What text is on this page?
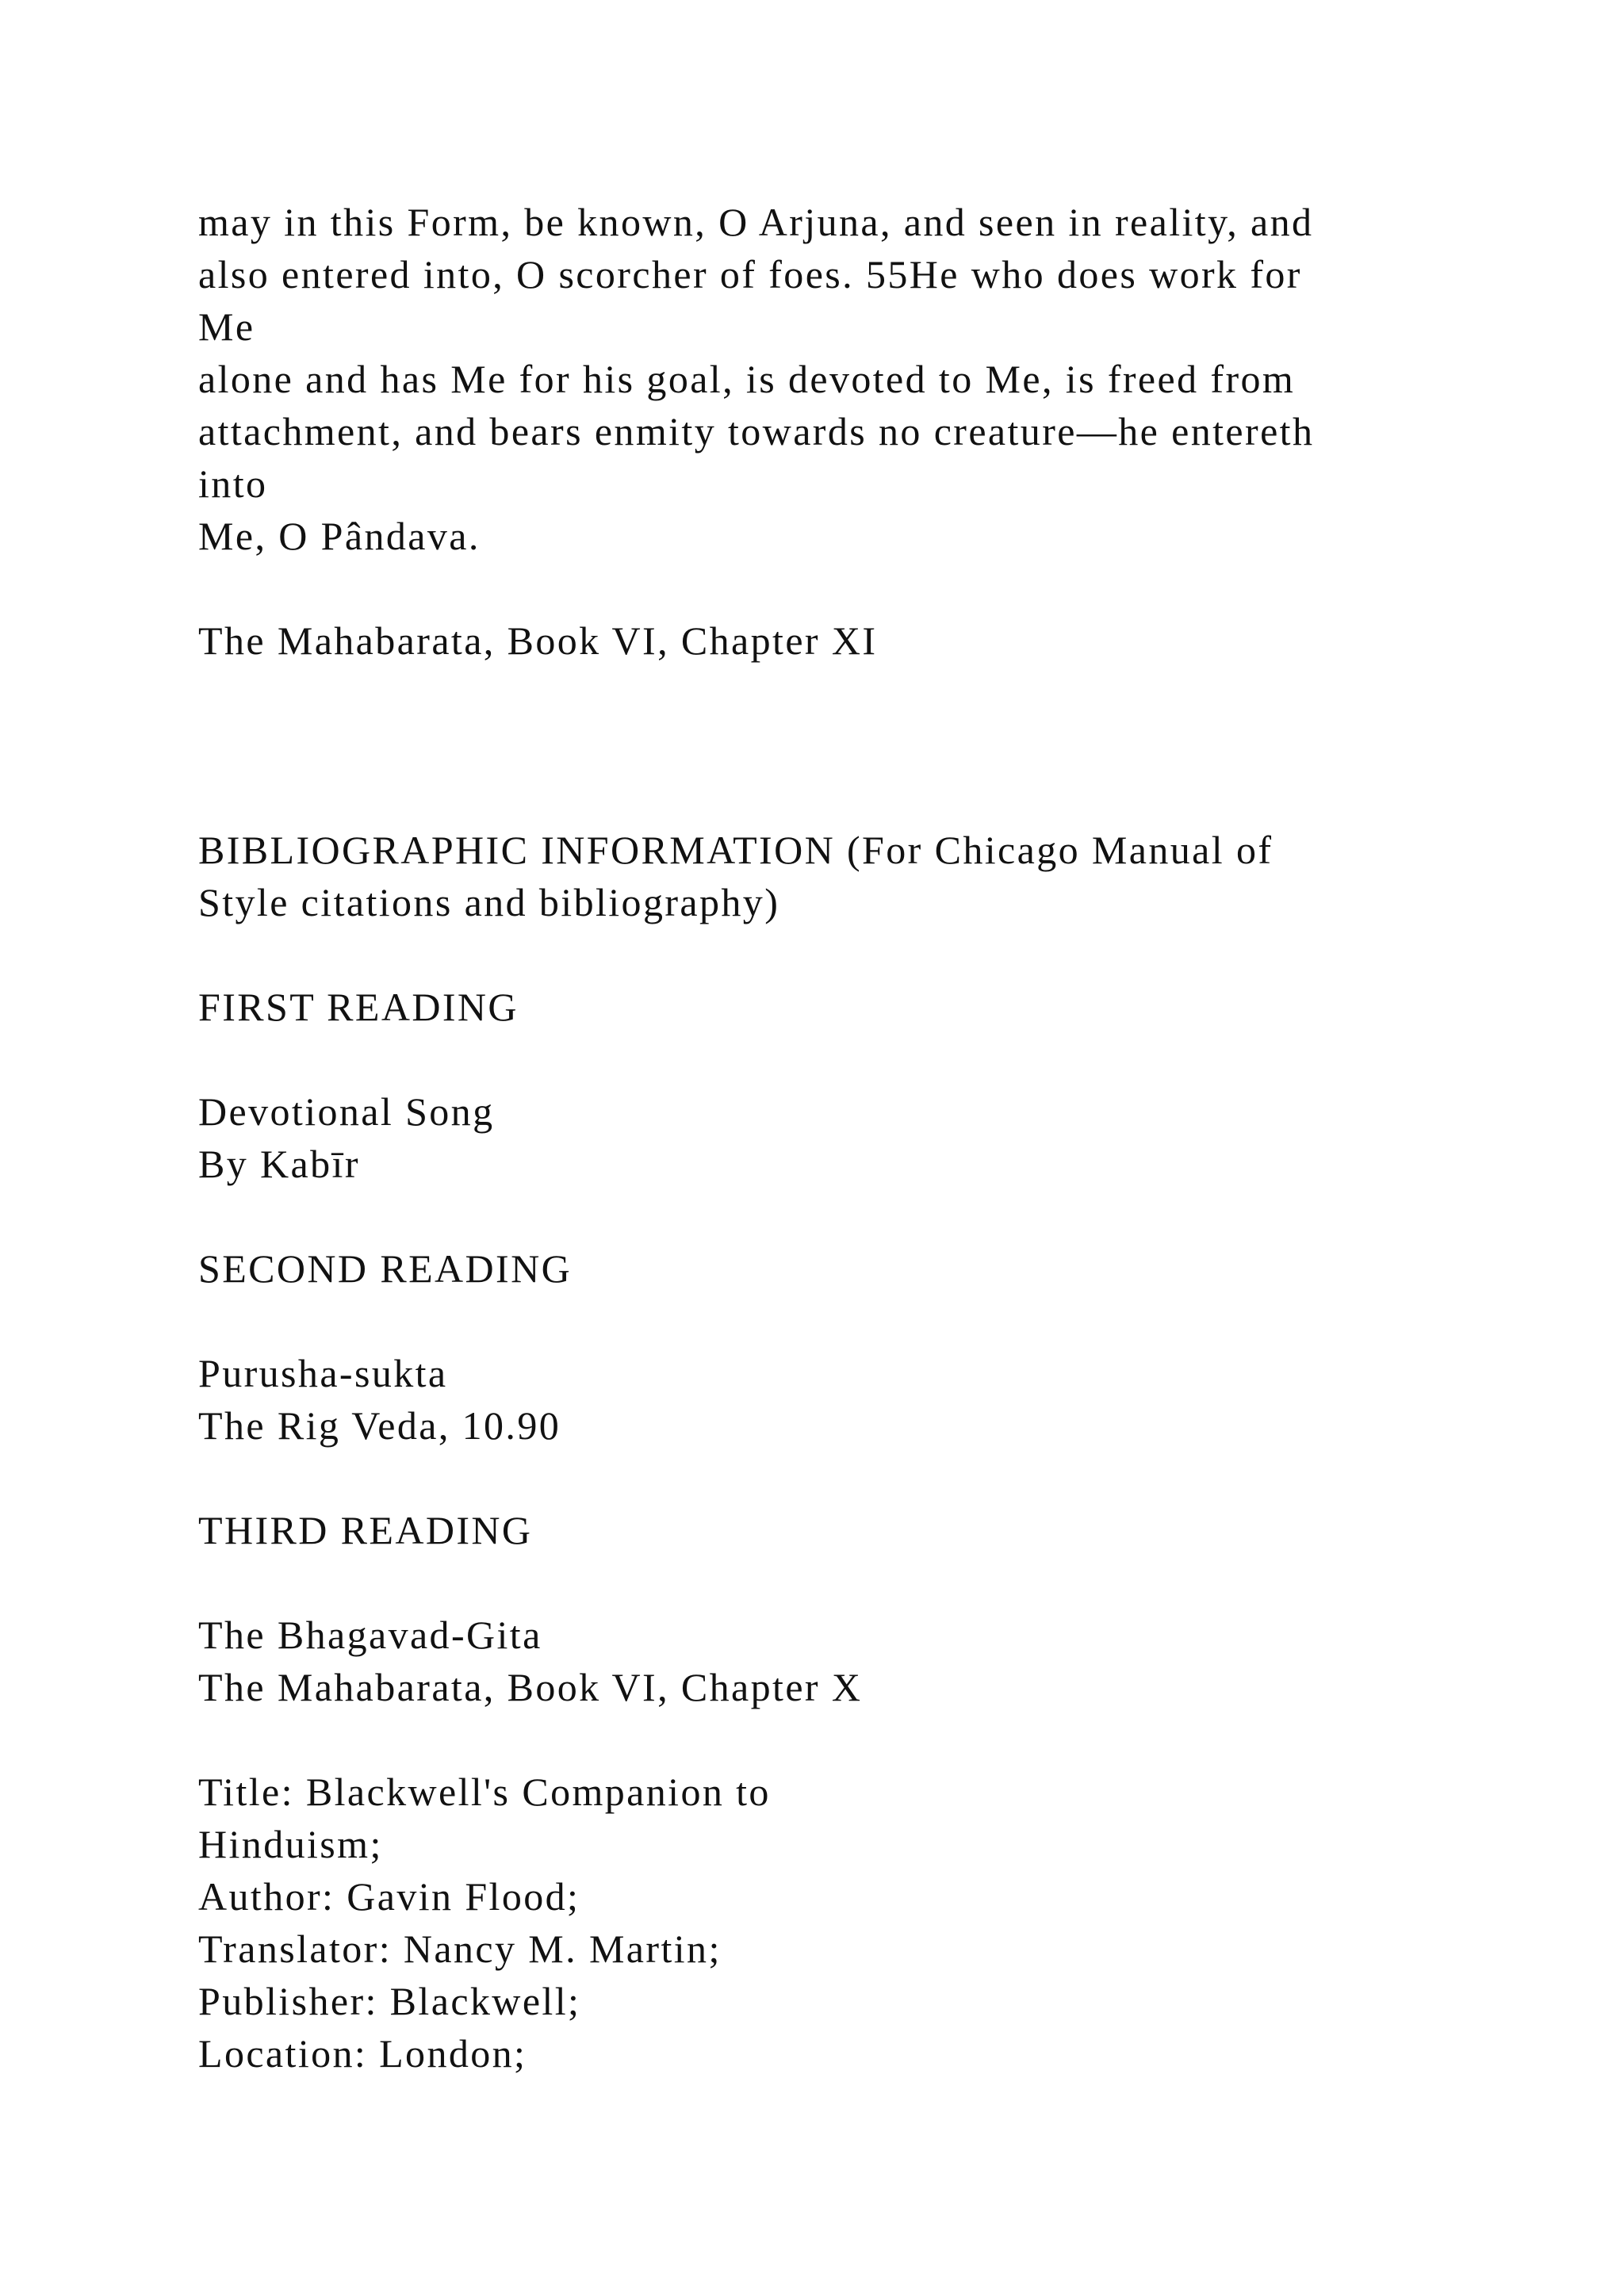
may in this Form, be known, O Arjuna, and seen in reality, and
also entered into, O scorcher of foes. 55He who does work for
Me
alone and has Me for his goal, is devoted to Me, is freed from
attachment, and bears enmity towards no creature—he entereth
into
Me, O Pândava.
The Mahabarata, Book VI, Chapter XI
BIBLIOGRAPHIC INFORMATION (For Chicago Manual of
Style citations and bibliography)
FIRST READING
Devotional Song
By Kabīr
SECOND READING
Purusha-sukta
The Rig Veda, 10.90
THIRD READING
The Bhagavad-Gita
The Mahabarata, Book VI, Chapter X
Title: Blackwell's Companion to
Hinduism;
Author: Gavin Flood;
Translator: Nancy M. Martin;
Publisher: Blackwell;
Location: London;
